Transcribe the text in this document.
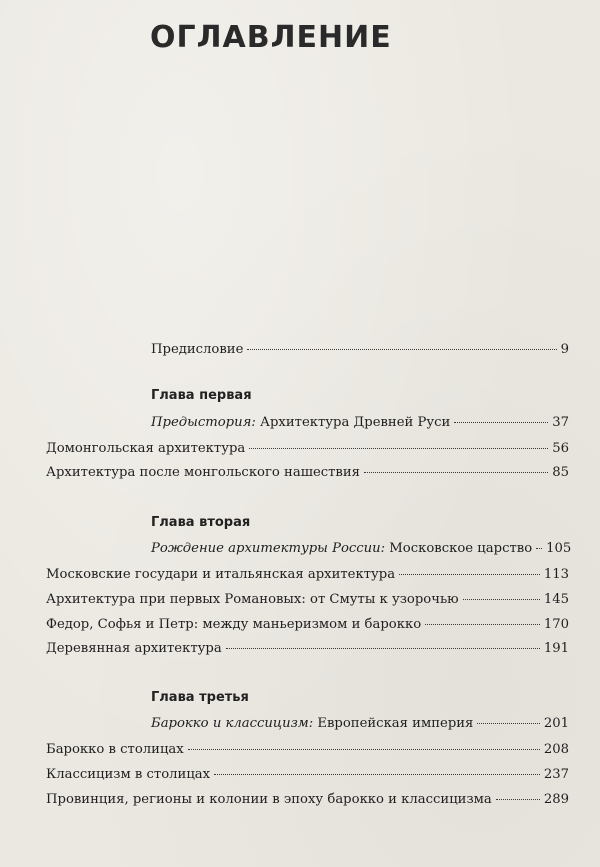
ОГЛАВЛЕНИЕ
Предисловие	9
Глава первая
Предыстория: Архитектура Древней Руси	37
Домонгольская архитектура	56
Архитектура после монгольского нашествия	85
Глава вторая
Рождение архитектуры России: Московское царство 105
Московские государи и итальянская архитектура	113
Архитектура при первых Романовых: от Смуты к узорочью	145
Федор, Софья и Петр: между маньеризмом и барокко	170
Деревянная архитектура	191
Глава третья
Барокко и классицизм: Европейская империя	201
Барокко в столицах	208
Классицизм в столицах	237
Провинция, регионы и колонии в эпоху барокко и классицизма	289
